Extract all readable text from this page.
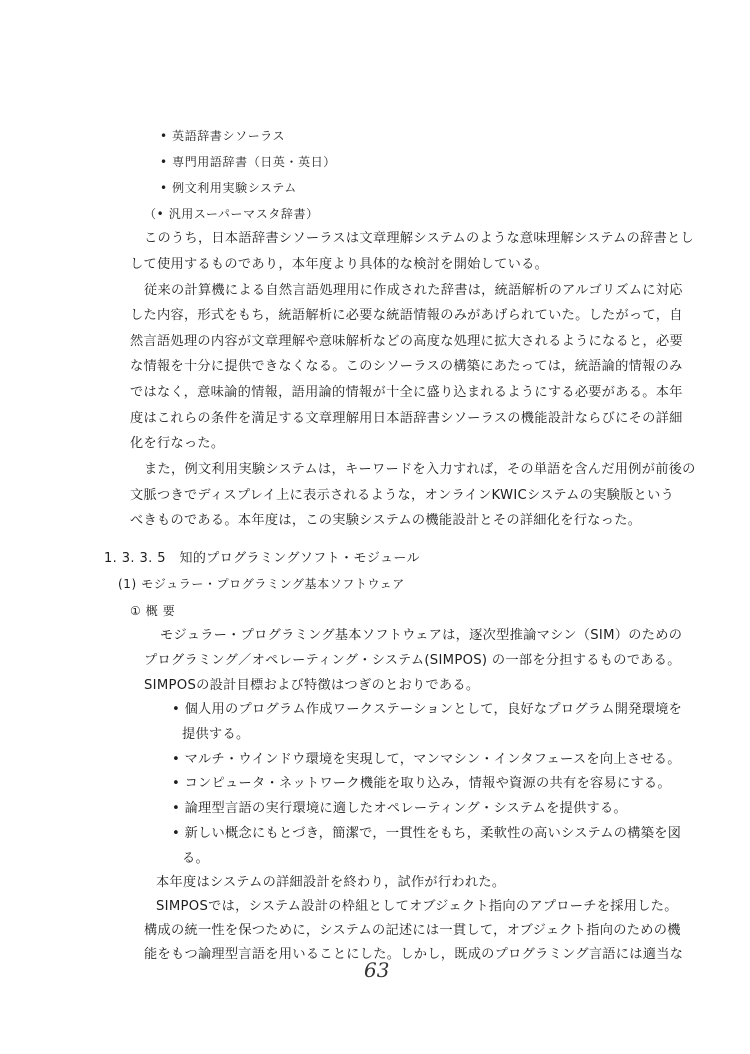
• 英語辞書シソーラス
• 専門用語辞書（日英・英日）
• 例文利用実験システム
（• 汎用スーパーマスタ辞書）
このうち，日本語辞書シソーラスは文章理解システムのような意味理解システムの辞書とし
して使用するものであり，本年度より具体的な検討を開始している。
従来の計算機による自然言語処理用に作成された辞書は，統語解析のアルゴリズムに対応
した内容，形式をもち，統語解析に必要な統語情報のみがあげられていた。したがって，自
然言語処理の内容が文章理解や意味解析などの高度な処理に拡大されるようになると，必要
な情報を十分に提供できなくなる。このシソーラスの構築にあたっては，統語論的情報のみ
ではなく，意味論的情報，語用論的情報が十全に盛り込まれるようにする必要がある。本年
度はこれらの条件を満足する文章理解用日本語辞書シソーラスの機能設計ならびにその詳細
化を行なった。
また，例文利用実験システムは，キーワードを入力すれば，その単語を含んだ用例が前後の
文脈つきでディスプレイ上に表示されるような，オンラインKWICシステムの実験版という
べきものである。本年度は，この実験システムの機能設計とその詳細化を行なった。
1. 3. 3. 5 知的プログラミングソフト・モジュール
(1) モジュラー・プログラミング基本ソフトウェア
① 概 要
モジュラー・プログラミング基本ソフトウェアは，逐次型推論マシン（SIM）のための
プログラミング／オペレーティング・システム(SIMPOS) の一部を分担するものである。
SIMPOSの設計目標および特徴はつぎのとおりである。
• 個人用のプログラム作成ワークステーションとして，良好なプログラム開発環境を
提供する。
• マルチ・ウインドウ環境を実現して，マンマシン・インタフェースを向上させる。
• コンピュータ・ネットワーク機能を取り込み，情報や資源の共有を容易にする。
• 論理型言語の実行環境に適したオペレーティング・システムを提供する。
• 新しい概念にもとづき，簡潔で，一貫性をもち，柔軟性の高いシステムの構築を図
る。
本年度はシステムの詳細設計を終わり，試作が行われた。
SIMPOSでは，システム設計の枠組としてオブジェクト指向のアプローチを採用した。
構成の統一性を保つために，システムの記述には一貫して，オブジェクト指向のための機
能をもつ論理型言語を用いることにした。しかし，既成のプログラミング言語には適当な
63
